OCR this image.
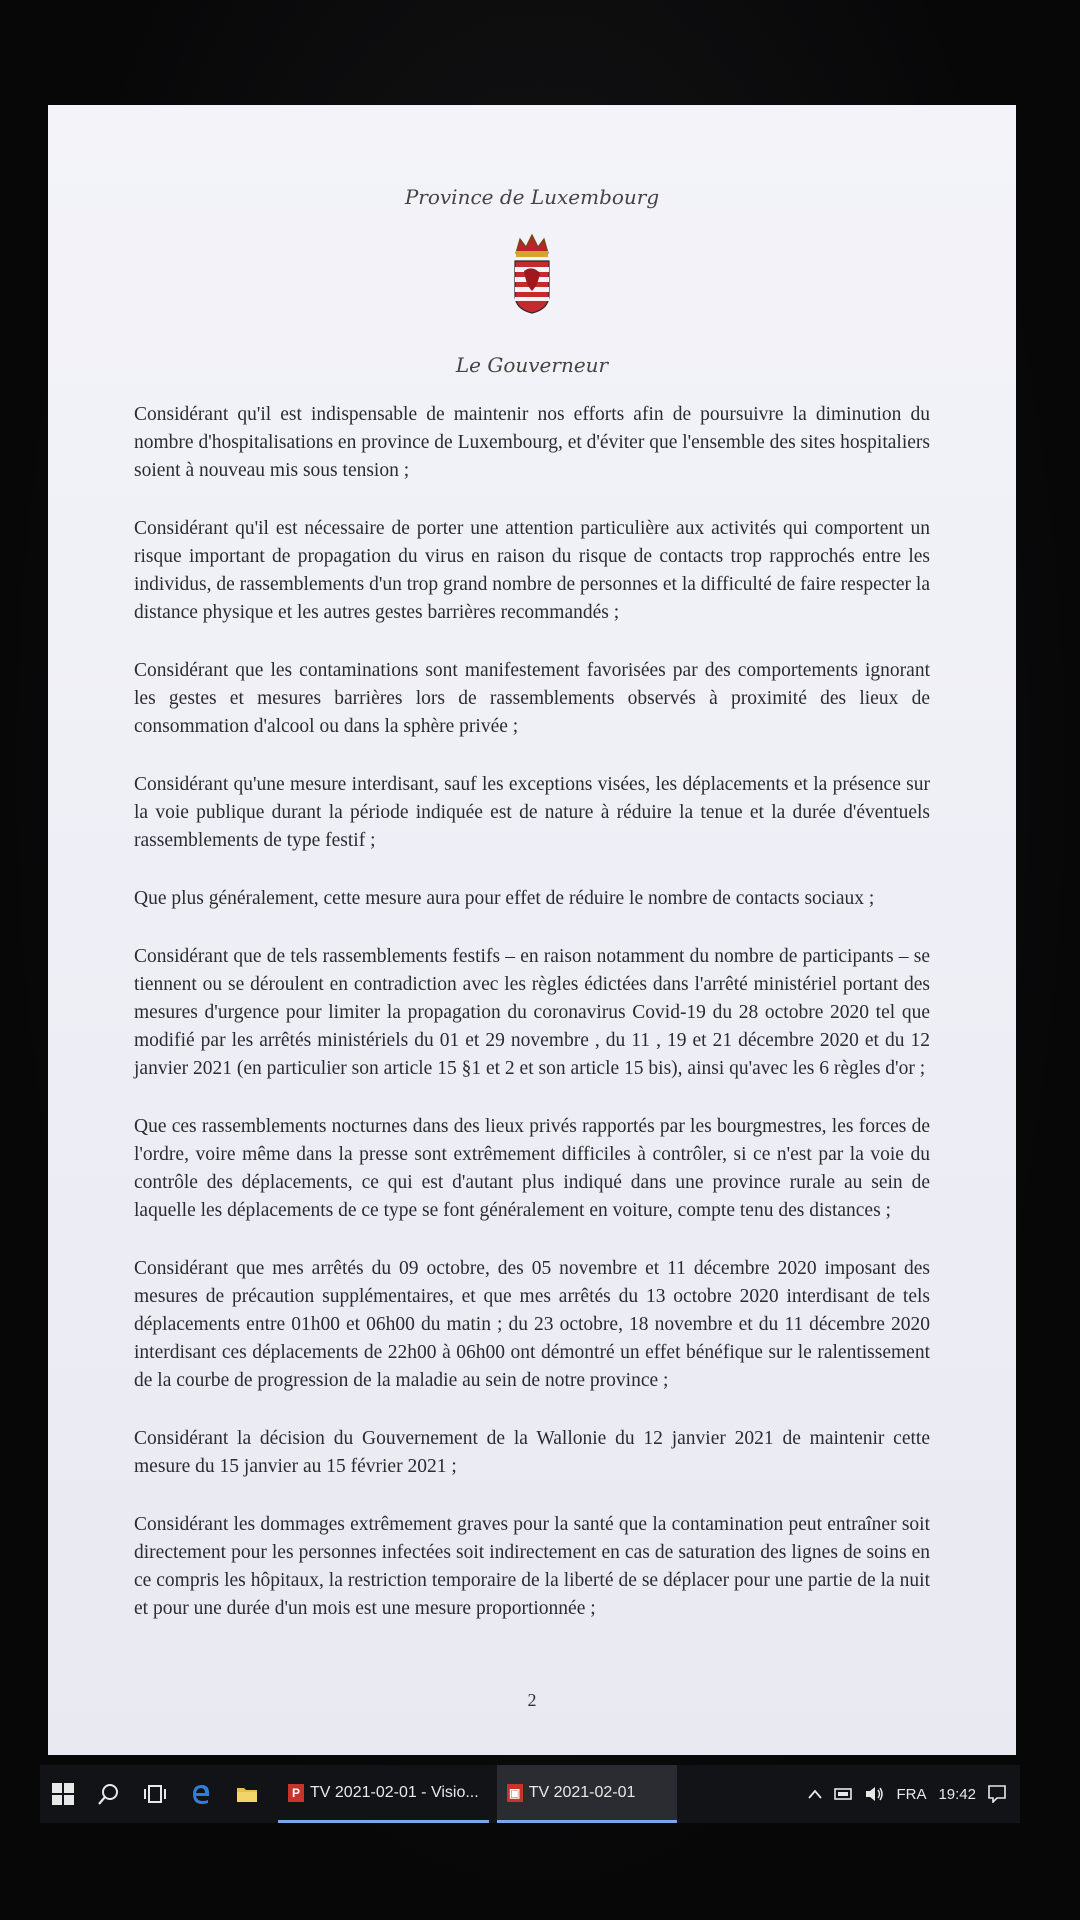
Province de Luxembourg
Le Gouverneur

Considérant qu'il est indispensable de maintenir nos efforts afin de poursuivre la diminution du nombre d'hospitalisations en province de Luxembourg, et d'éviter que l'ensemble des sites hospitaliers soient à nouveau mis sous tension ;

Considérant qu'il est nécessaire de porter une attention particulière aux activités qui comportent un risque important de propagation du virus en raison du risque de contacts trop rapprochés entre les individus, de rassemblements d'un trop grand nombre de personnes et la difficulté de faire respecter la distance physique et les autres gestes barrières recommandés ;

Considérant que les contaminations sont manifestement favorisées par des comportements ignorant les gestes et mesures barrières lors de rassemblements observés à proximité des lieux de consommation d'alcool ou dans la sphère privée ;

Considérant qu'une mesure interdisant, sauf les exceptions visées, les déplacements et la présence sur la voie publique durant la période indiquée est de nature à réduire la tenue et la durée d'éventuels rassemblements de type festif ;

Que plus généralement, cette mesure aura pour effet de réduire le nombre de contacts sociaux ;

Considérant que de tels rassemblements festifs – en raison notamment du nombre de participants – se tiennent ou se déroulent en contradiction avec les règles édictées dans l'arrêté ministériel portant des mesures d'urgence pour limiter la propagation du coronavirus Covid-19 du 28 octobre 2020 tel que modifié par les arrêtés ministériels du 01 et 29 novembre , du 11 , 19 et 21 décembre 2020 et du 12 janvier 2021 (en particulier son article 15 §1 et 2 et son article 15 bis), ainsi qu'avec les 6 règles d'or ;

Que ces rassemblements nocturnes dans des lieux privés rapportés par les bourgmestres, les forces de l'ordre, voire même dans la presse sont extrêmement difficiles à contrôler, si ce n'est par la voie du contrôle des déplacements, ce qui est d'autant plus indiqué dans une province rurale au sein de laquelle les déplacements de ce type se font généralement en voiture, compte tenu des distances ;

Considérant que mes arrêtés du 09 octobre, des 05 novembre et 11 décembre 2020 imposant des mesures de précaution supplémentaires, et que mes arrêtés du 13 octobre 2020 interdisant de tels déplacements entre 01h00 et 06h00 du matin ; du 23 octobre, 18 novembre et du 11 décembre 2020 interdisant ces déplacements de 22h00 à 06h00 ont démontré un effet bénéfique sur le ralentissement de la courbe de progression de la maladie au sein de notre province ;

Considérant la décision du Gouvernement de la Wallonie du 12 janvier 2021 de maintenir cette mesure du 15 janvier au 15 février 2021 ;

Considérant les dommages extrêmement graves pour la santé que la contamination peut entraîner soit directement pour les personnes infectées soit indirectement en cas de saturation des lignes de soins en ce compris les hôpitaux, la restriction temporaire de la liberté de se déplacer pour une partie de la nuit et pour une durée d'un mois est une mesure proportionnée ;

2
P TV 2021-02-01 - Visio...	▣ TV 2021-02-01	FRA 19:42
